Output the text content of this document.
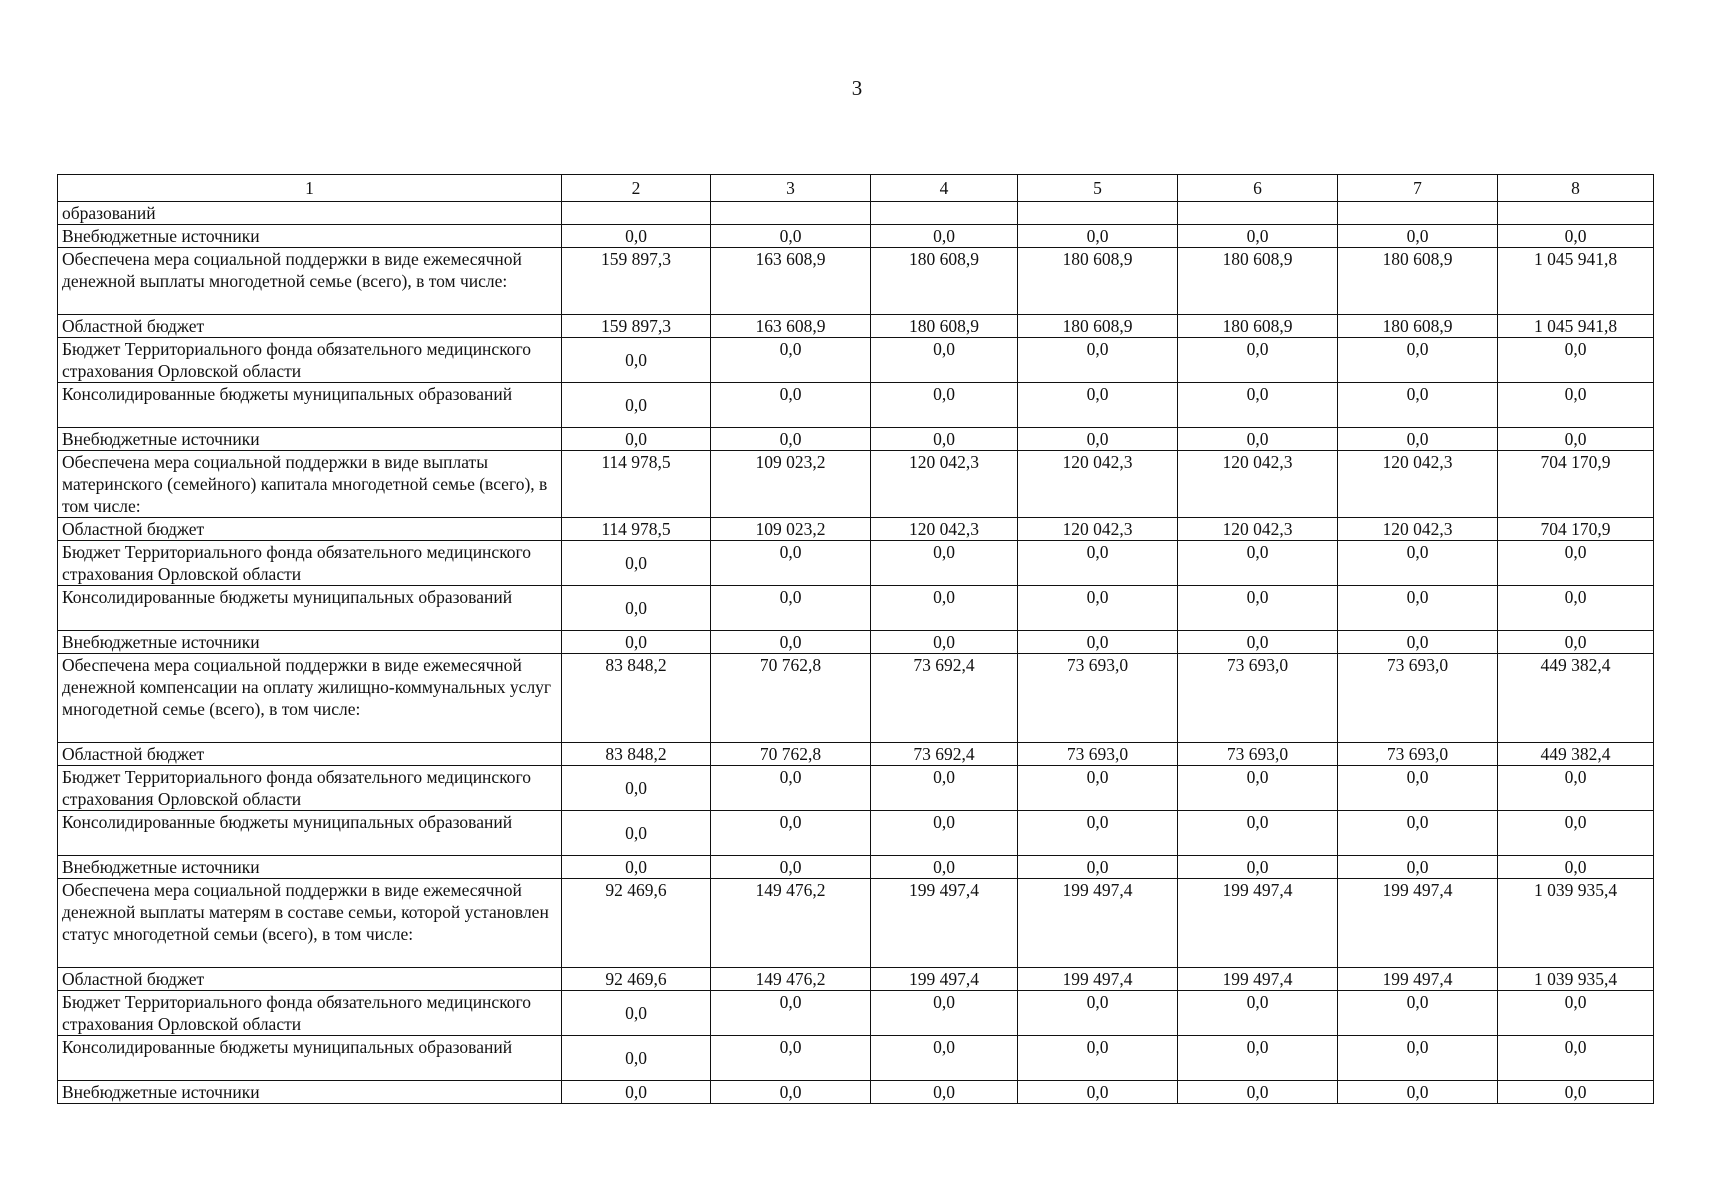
3
1	2	3	4	5	6	7	8
образований							
Внебюджетные источники	0,0	0,0	0,0	0,0	0,0	0,0	0,0
Обеспечена мера социальной поддержки в виде ежемесячной денежной выплаты многодетной семье (всего), в том числе:	159 897,3	163 608,9	180 608,9	180 608,9	180 608,9	180 608,9	1 045 941,8
Областной бюджет	159 897,3	163 608,9	180 608,9	180 608,9	180 608,9	180 608,9	1 045 941,8
Бюджет Территориального фонда обязательного медицинского страхования Орловской области	0,0	0,0	0,0	0,0	0,0	0,0	0,0
Консолидированные бюджеты муниципальных образований	0,0	0,0	0,0	0,0	0,0	0,0	0,0
Внебюджетные источники	0,0	0,0	0,0	0,0	0,0	0,0	0,0
Обеспечена мера социальной поддержки в виде выплаты материнского (семейного) капитала многодетной семье (всего), в том числе:	114 978,5	109 023,2	120 042,3	120 042,3	120 042,3	120 042,3	704 170,9
Областной бюджет	114 978,5	109 023,2	120 042,3	120 042,3	120 042,3	120 042,3	704 170,9
Бюджет Территориального фонда обязательного медицинского страхования Орловской области	0,0	0,0	0,0	0,0	0,0	0,0	0,0
Консолидированные бюджеты муниципальных образований	0,0	0,0	0,0	0,0	0,0	0,0	0,0
Внебюджетные источники	0,0	0,0	0,0	0,0	0,0	0,0	0,0
Обеспечена мера социальной поддержки в виде ежемесячной денежной компенсации на оплату жилищно-коммунальных услуг многодетной семье (всего), в том числе:	83 848,2	70 762,8	73 692,4	73 693,0	73 693,0	73 693,0	449 382,4
Областной бюджет	83 848,2	70 762,8	73 692,4	73 693,0	73 693,0	73 693,0	449 382,4
Бюджет Территориального фонда обязательного медицинского страхования Орловской области	0,0	0,0	0,0	0,0	0,0	0,0	0,0
Консолидированные бюджеты муниципальных образований	0,0	0,0	0,0	0,0	0,0	0,0	0,0
Внебюджетные источники	0,0	0,0	0,0	0,0	0,0	0,0	0,0
Обеспечена мера социальной поддержки в виде ежемесячной денежной выплаты матерям в составе семьи, которой установлен статус многодетной семьи (всего), в том числе:	92 469,6	149 476,2	199 497,4	199 497,4	199 497,4	199 497,4	1 039 935,4
Областной бюджет	92 469,6	149 476,2	199 497,4	199 497,4	199 497,4	199 497,4	1 039 935,4
Бюджет Территориального фонда обязательного медицинского страхования Орловской области	0,0	0,0	0,0	0,0	0,0	0,0	0,0
Консолидированные бюджеты муниципальных образований	0,0	0,0	0,0	0,0	0,0	0,0	0,0
Внебюджетные источники	0,0	0,0	0,0	0,0	0,0	0,0	0,0
